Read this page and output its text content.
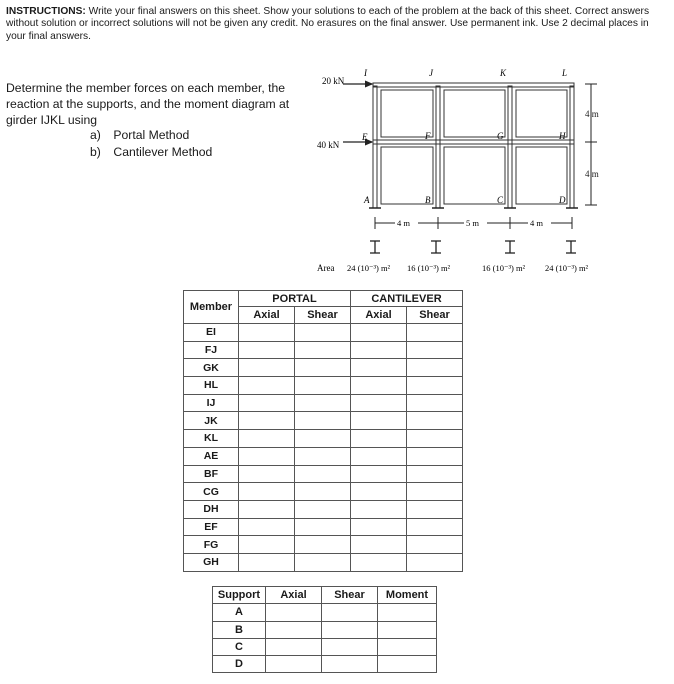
INSTRUCTIONS: Write your final answers on this sheet. Show your solutions to each of the problem at the back of this sheet. Correct answers without solution or incorrect solutions will not be given any credit. No erasures on the final answer. Use permanent ink. Use 2 decimal places in your final answers.
Determine the member forces on each member, the reaction at the supports, and the moment diagram at girder IJKL using
a) Portal Method
b) Cantilever Method
20 kN
40 kN
I	J	K	L
E	F	G	H
A	B	C	D
4 m
4 m
4 m	5 m	4 m
Area 24 (10⁻³) m² 16 (10⁻³) m²	16 (10⁻³) m² 24 (10⁻³) m²
Member	PORTAL		CANTILEVER	
	Axial	Shear	Axial	Shear
EI				
FJ				
GK				
HL				
IJ				
JK				
KL				
AE				
BF				
CG				
DH				
EF				
FG				
GH				
Support	Axial	Shear	Moment
A			
B			
C			
D			
